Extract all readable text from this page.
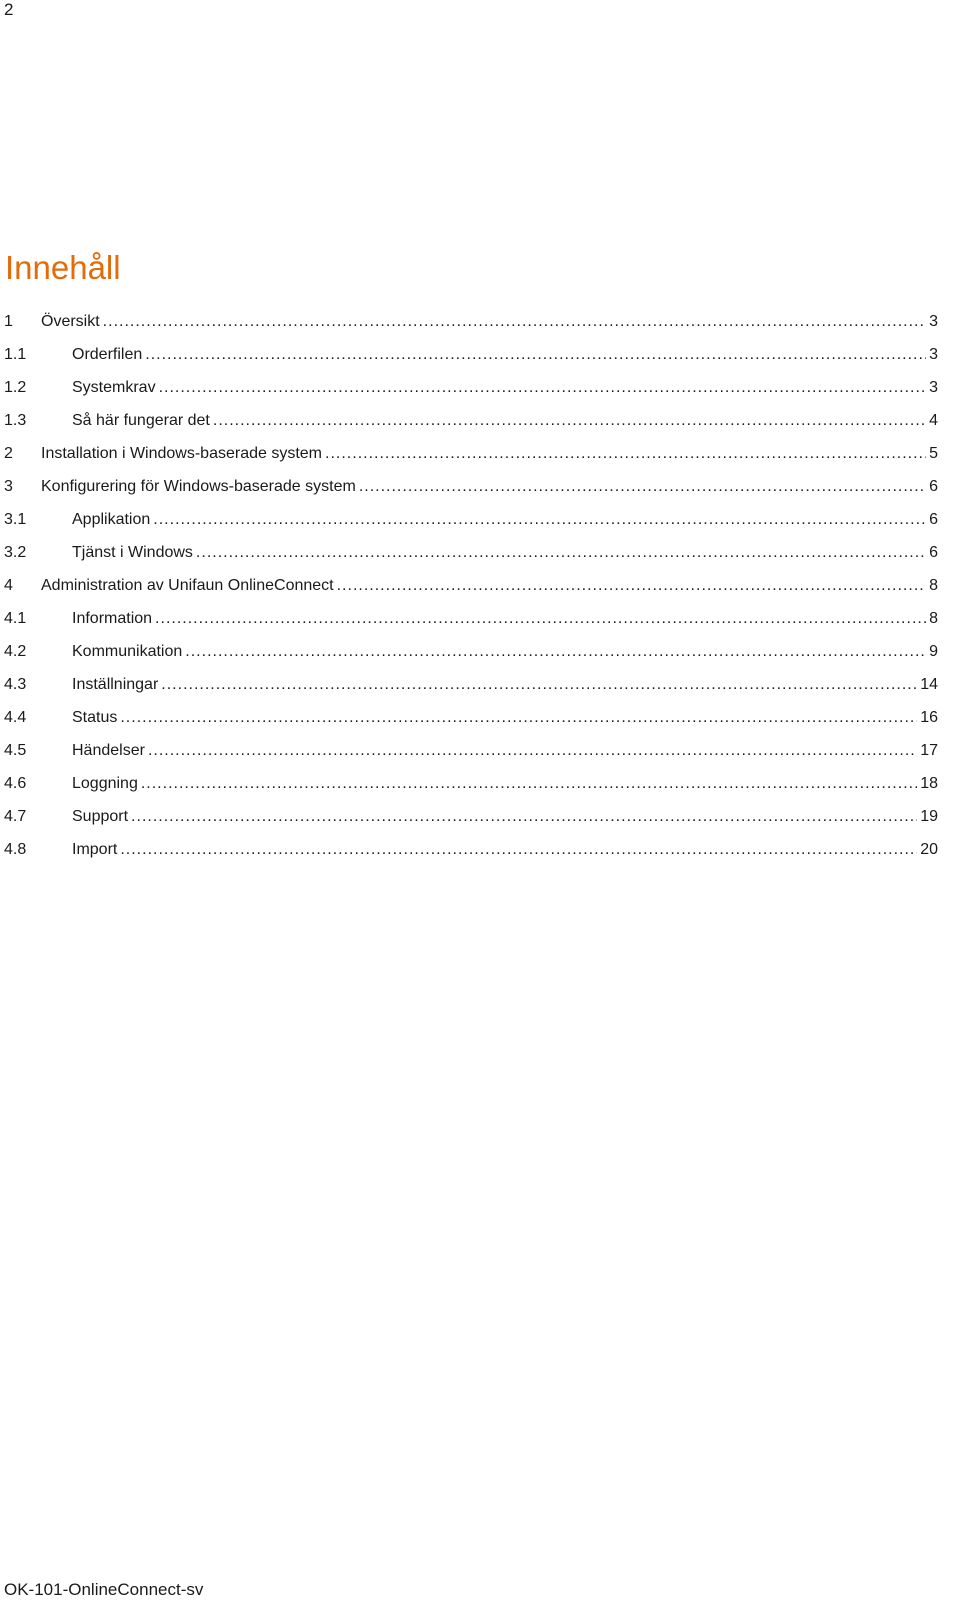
2
Innehåll
1	Översikt .....	3
1.1	Orderfilen .....	3
1.2	Systemkrav .....	3
1.3	Så här fungerar det .....	4
2	Installation i Windows-baserade system .....	5
3	Konfigurering för Windows-baserade system .....	6
3.1	Applikation .....	6
3.2	Tjänst i Windows .....	6
4	Administration av Unifaun OnlineConnect .....	8
4.1	Information .....	8
4.2	Kommunikation .....	9
4.3	Inställningar .....	14
4.4	Status .....	16
4.5	Händelser .....	17
4.6	Loggning .....	18
4.7	Support .....	19
4.8	Import .....	20
OK-101-OnlineConnect-sv
